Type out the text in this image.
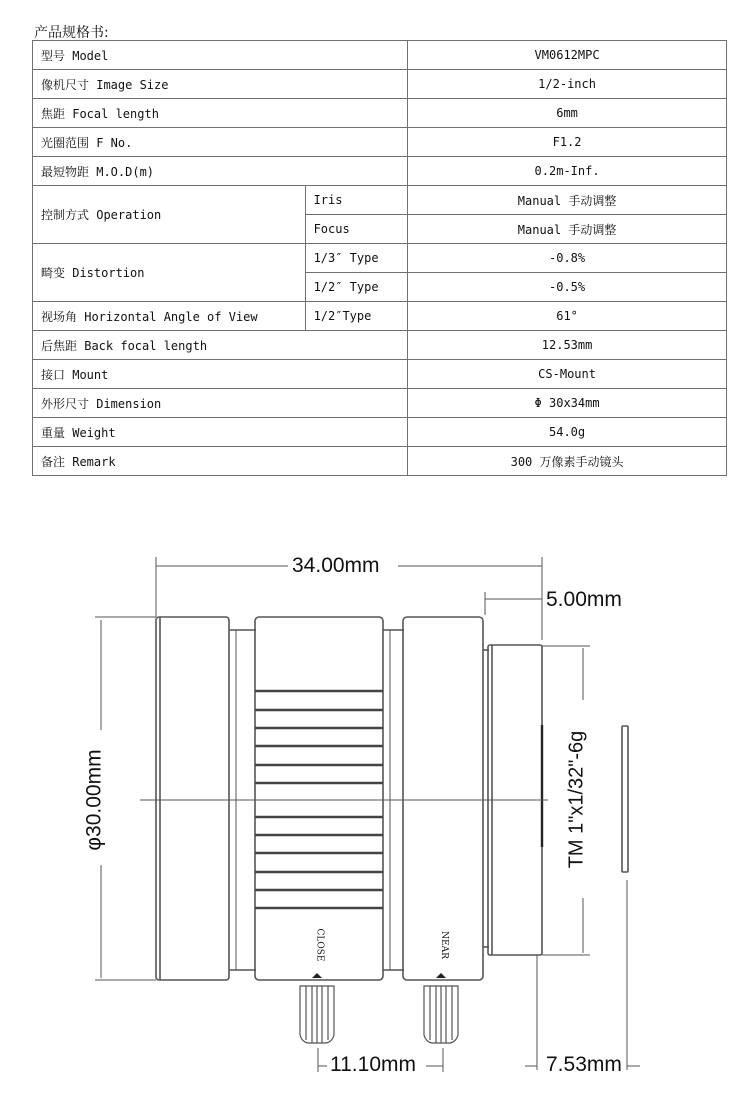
产品规格书:
型号 Model		VM0612MPC
像机尺寸 Image Size		1/2-inch
焦距 Focal length		6mm
光圈范围 F No.		F1.2
最短物距 M.O.D(m)		0.2m-Inf.
控制方式 Operation	Iris	Manual 手动调整
	Focus	Manual 手动调整
畸变 Distortion	1/3″ Type	-0.8%
	1/2″ Type	-0.5%
视场角 Horizontal Angle of View	1/2″Type	61°
后焦距 Back focal length		12.53mm
接口 Mount		CS-Mount
外形尺寸 Dimension		Φ 30x34mm
重量 Weight		54.0g
备注 Remark		300 万像素手动镜头
34.00mm
5.00mm
φ30.00mm	TM 1"x1/32"-6g
11.10mm	7.53mm
CLOSE	NEAR
